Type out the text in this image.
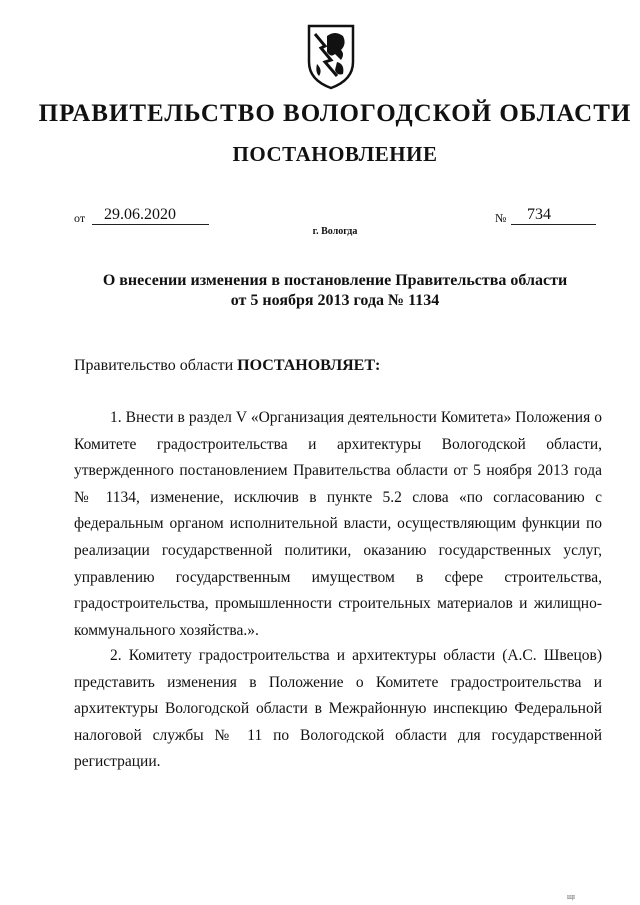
ПРАВИТЕЛЬСТВО ВОЛОГОДСКОЙ ОБЛАСТИ
ПОСТАНОВЛЕНИЕ
от	29.06.2020	№	734
г. Вологда
О внесении изменения в постановление Правительства области
от 5 ноября 2013 года № 1134
Правительство области ПОСТАНОВЛЯЕТ:
1. Внести в раздел V «Организация деятельности Комитета» Положения о Комитете градостроительства и архитектуры Вологодской области, утвержденного постановлением Правительства области от 5 ноября 2013 года № 1134, изменение, исключив в пункте 5.2 слова «по согласованию с федеральным органом исполнительной власти, осуществляющим функции по реализации государственной политики, оказанию государственных услуг, управлению государственным имуществом в сфере строительства, градостроительства, промышленности строительных материалов и жилищно-коммунального хозяйства.».
2. Комитету градостроительства и архитектуры области (А.С. Швецов) представить изменения в Положение о Комитете градостроительства и архитектуры Вологодской области в Межрайонную инспекцию Федеральной налоговой службы № 11 по Вологодской области для государственной регистрации.
ЩI
